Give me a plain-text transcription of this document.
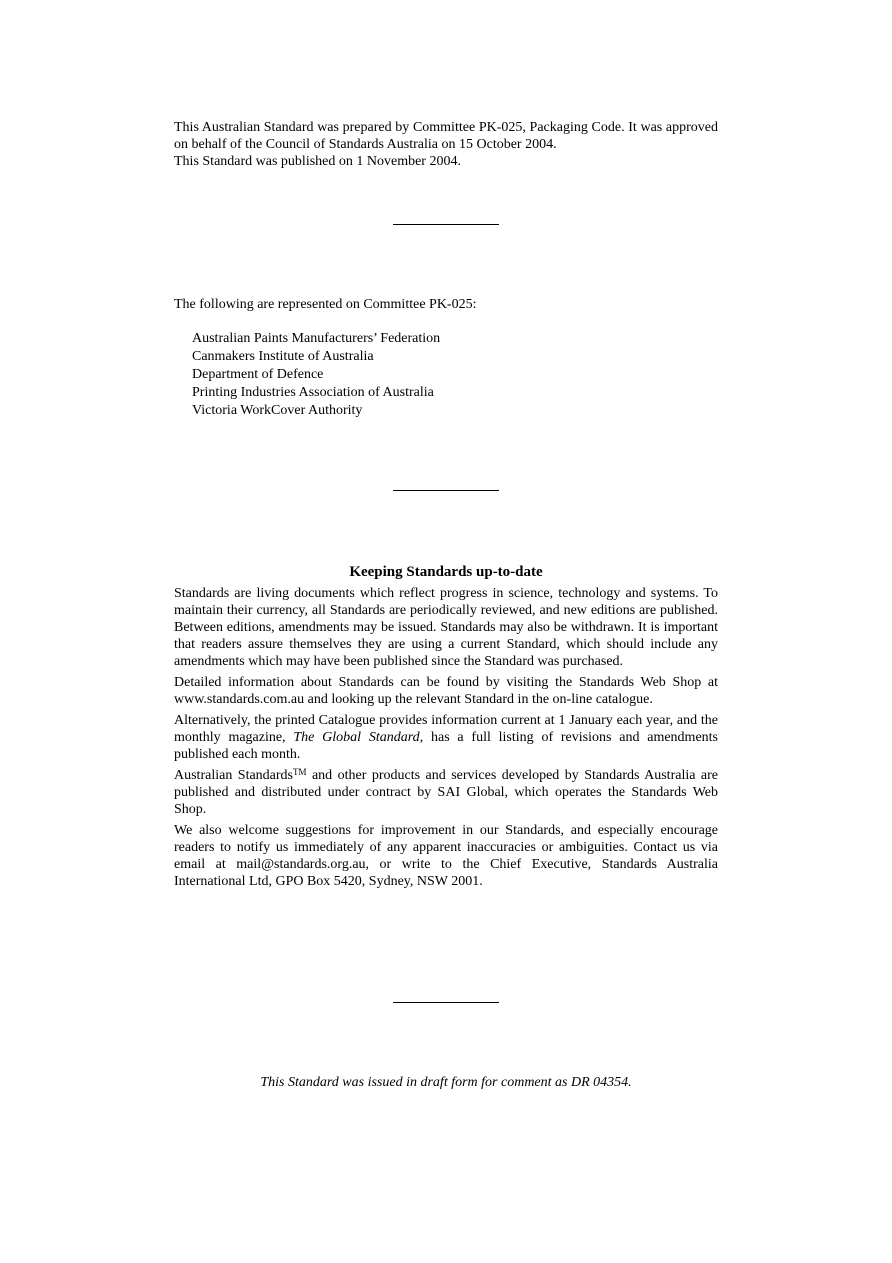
This Australian Standard was prepared by Committee PK-025, Packaging Code. It was approved on behalf of the Council of Standards Australia on 15 October 2004.

This Standard was published on 1 November 2004.

The following are represented on Committee PK-025:

Australian Paints Manufacturers’ Federation
Canmakers Institute of Australia
Department of Defence
Printing Industries Association of Australia
Victoria WorkCover Authority
Keeping Standards up-to-date

Standards are living documents which reflect progress in science, technology and systems. To maintain their currency, all Standards are periodically reviewed, and new editions are published. Between editions, amendments may be issued. Standards may also be withdrawn. It is important that readers assure themselves they are using a current Standard, which should include any amendments which may have been published since the Standard was purchased.

Detailed information about Standards can be found by visiting the Standards Web Shop at www.standards.com.au and looking up the relevant Standard in the on-line catalogue.

Alternatively, the printed Catalogue provides information current at 1 January each year, and the monthly magazine, The Global Standard, has a full listing of revisions and amendments published each month.

Australian Standards™ and other products and services developed by Standards Australia are published and distributed under contract by SAI Global, which operates the Standards Web Shop.

We also welcome suggestions for improvement in our Standards, and especially encourage readers to notify us immediately of any apparent inaccuracies or ambiguities. Contact us via email at mail@standards.org.au, or write to the Chief Executive, Standards Australia International Ltd, GPO Box 5420, Sydney, NSW 2001.

This Standard was issued in draft form for comment as DR 04354.
